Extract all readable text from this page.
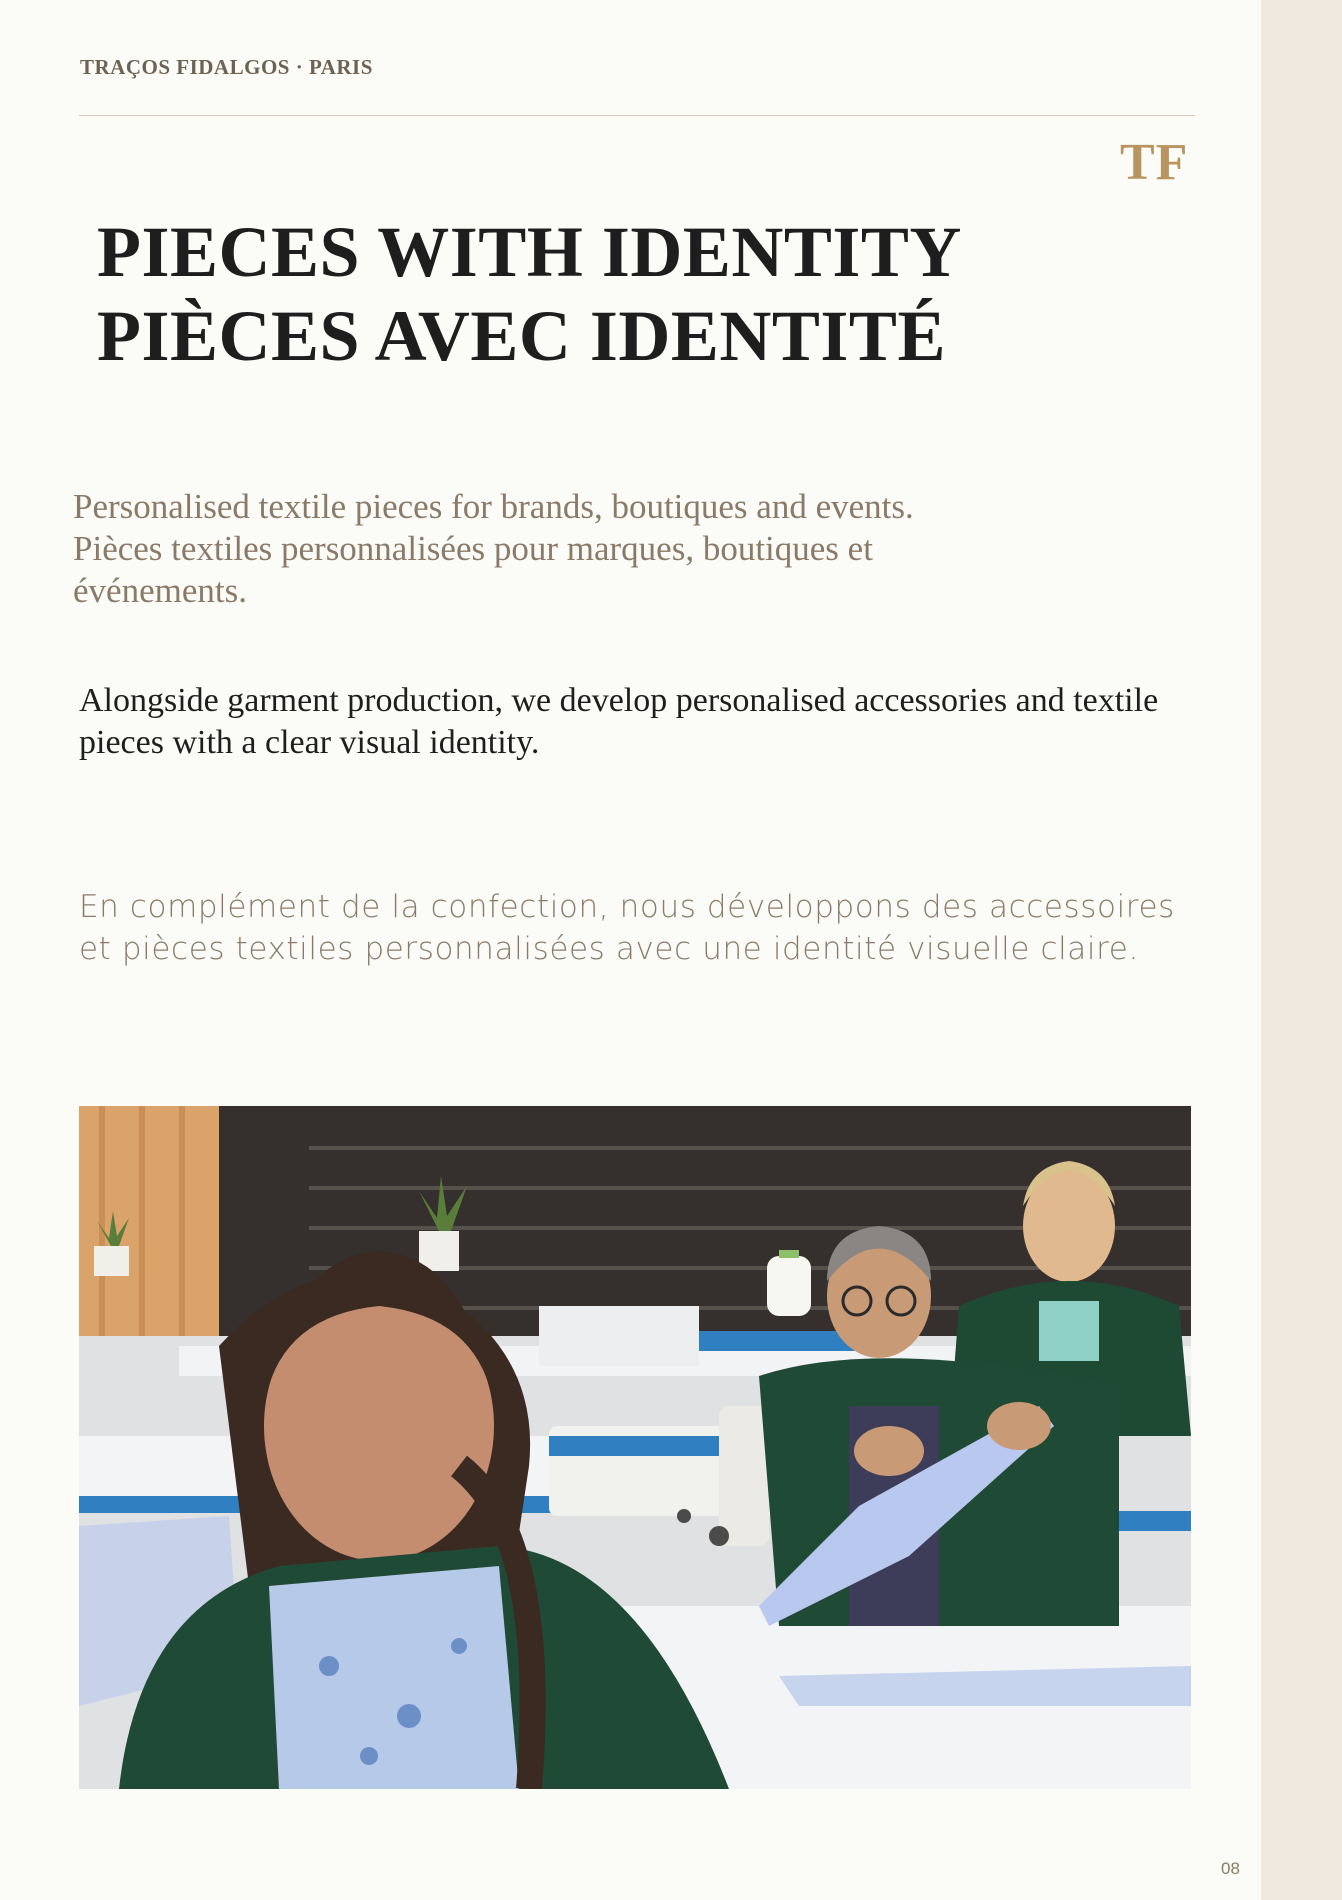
TRAÇOS FIDALGOS · PARIS
TF
PIECES WITH IDENTITY
PIÈCES AVEC IDENTITÉ

Personalised textile pieces for brands, boutiques and events.
Pièces textiles personnalisées pour marques, boutiques et événements.

Alongside garment production, we develop personalised accessories and textile pieces with a clear visual identity.

En complément de la confection, nous développons des accessoires et pièces textiles personnalisées avec une identité visuelle claire.

08
